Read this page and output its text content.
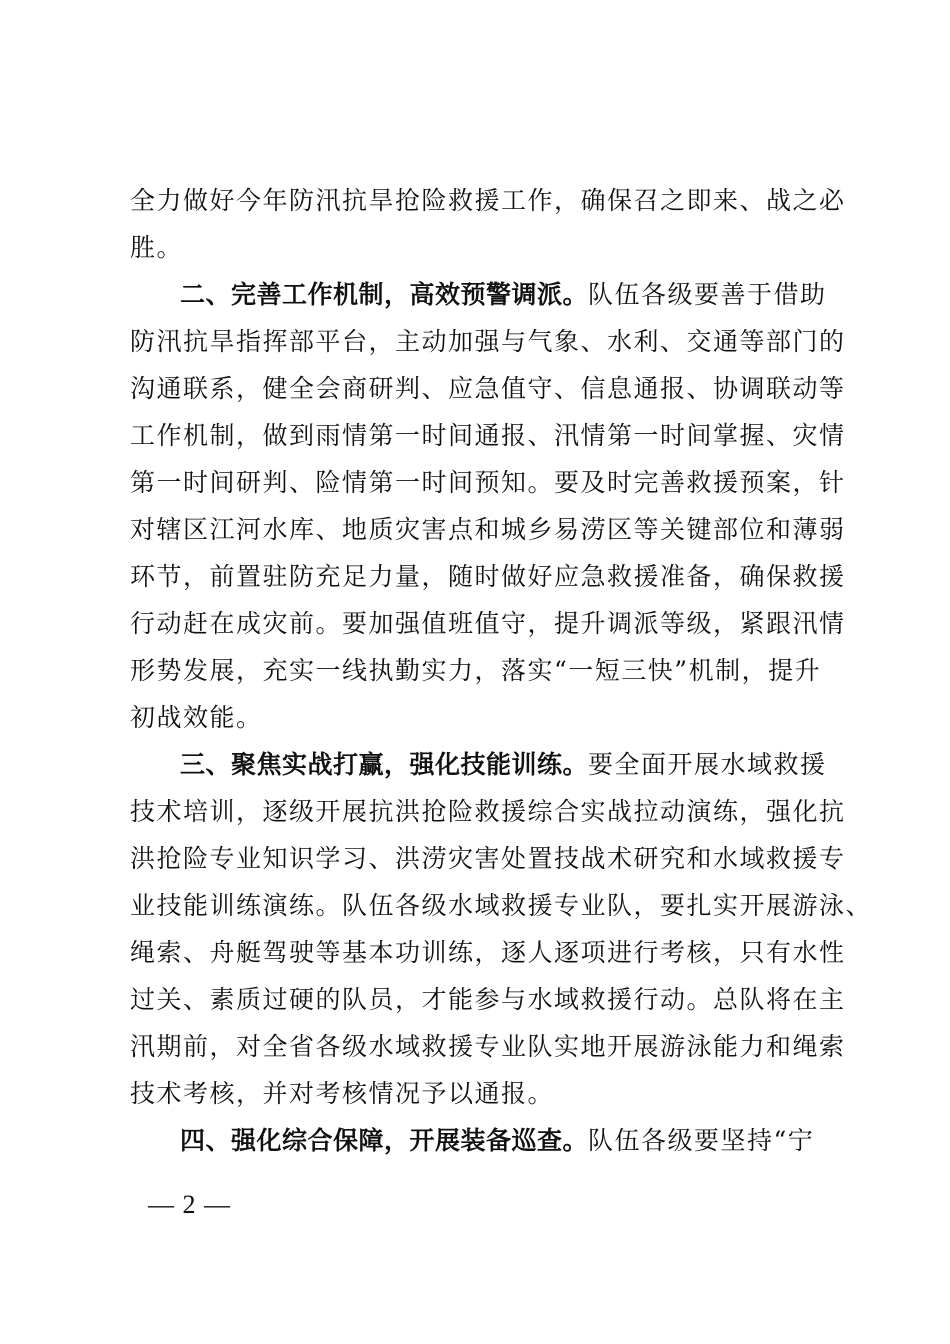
全力做好今年防汛抗旱抢险救援工作，确保召之即来、战之必
胜。
二、完善工作机制，高效预警调派。队伍各级要善于借助
防汛抗旱指挥部平台，主动加强与气象、水利、交通等部门的
沟通联系，健全会商研判、应急值守、信息通报、协调联动等
工作机制，做到雨情第一时间通报、汛情第一时间掌握、灾情
第一时间研判、险情第一时间预知。要及时完善救援预案，针
对辖区江河水库、地质灾害点和城乡易涝区等关键部位和薄弱
环节，前置驻防充足力量，随时做好应急救援准备，确保救援
行动赶在成灾前。要加强值班值守，提升调派等级，紧跟汛情
形势发展，充实一线执勤实力，落实“一短三快”机制，提升
初战效能。
三、聚焦实战打赢，强化技能训练。要全面开展水域救援
技术培训，逐级开展抗洪抢险救援综合实战拉动演练，强化抗
洪抢险专业知识学习、洪涝灾害处置技战术研究和水域救援专
业技能训练演练。队伍各级水域救援专业队，要扎实开展游泳、
绳索、舟艇驾驶等基本功训练，逐人逐项进行考核，只有水性
过关、素质过硬的队员，才能参与水域救援行动。总队将在主
汛期前，对全省各级水域救援专业队实地开展游泳能力和绳索
技术考核，并对考核情况予以通报。
四、强化综合保障，开展装备巡查。队伍各级要坚持“宁
— 2 —
